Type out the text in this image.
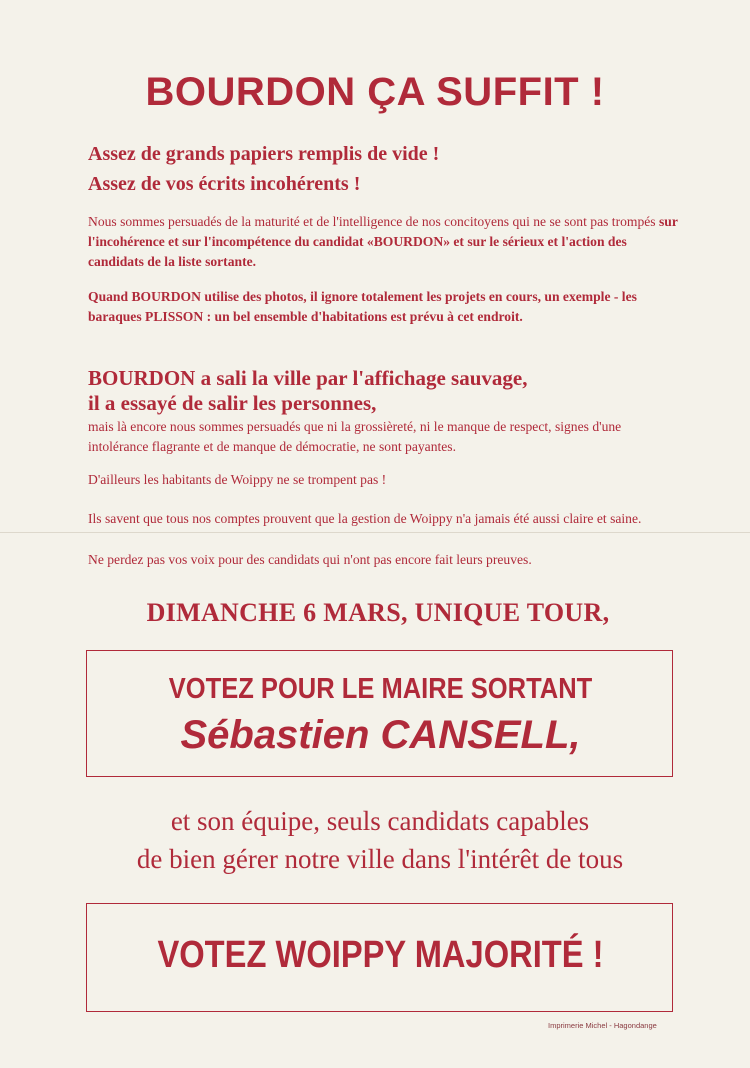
BOURDON ÇA SUFFIT !
Assez de grands papiers remplis de vide !
Assez de vos écrits incohérents !
Nous sommes persuadés de la maturité et de l'intelligence de nos concitoyens qui ne se sont pas trompés sur l'incohérence et sur l'incompétence du candidat «BOURDON» et sur le sérieux et l'action des candidats de la liste sortante.
Quand BOURDON utilise des photos, il ignore totalement les projets en cours, un exemple - les baraques PLISSON : un bel ensemble d'habitations est prévu à cet endroit.
BOURDON a sali la ville par l'affichage sauvage,
il a essayé de salir les personnes,
mais là encore nous sommes persuadés que ni la grossièreté, ni le manque de respect, signes d'une intolérance flagrante et de manque de démocratie, ne sont payantes.
D'ailleurs les habitants de Woippy ne se trompent pas !
Ils savent que tous nos comptes prouvent que la gestion de Woippy n'a jamais été aussi claire et saine.
Ne perdez pas vos voix pour des candidats qui n'ont pas encore fait leurs preuves.
DIMANCHE 6 MARS, UNIQUE TOUR,
VOTEZ POUR LE MAIRE SORTANT
Sébastien CANSELL,
et son équipe, seuls candidats capables
de bien gérer notre ville dans l'intérêt de tous
VOTEZ WOIPPY MAJORITÉ !
Imprimerie Michel - Hagondange
